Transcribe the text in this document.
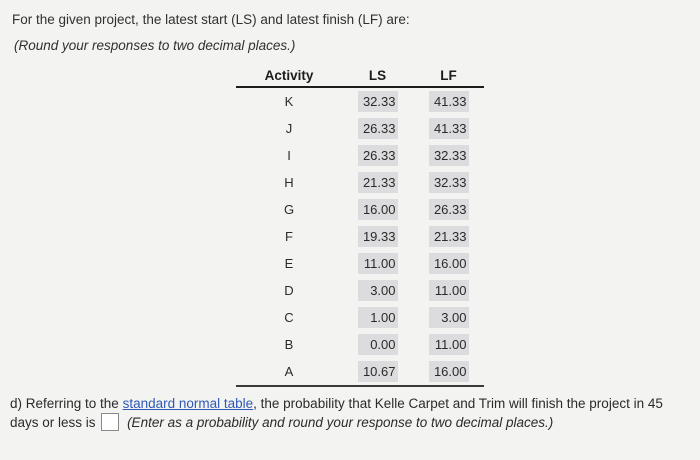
For the given project, the latest start (LS) and latest finish (LF) are:
(Round your responses to two decimal places.)
Activity	LS	LF
K	32.33	41.33
J	26.33	41.33
I	26.33	32.33
H	21.33	32.33
G	16.00	26.33
F	19.33	21.33
E	11.00	16.00
D	3.00	11.00
C	1.00	3.00
B	0.00	11.00
A	10.67	16.00
d) Referring to the standard normal table, the probability that Kelle Carpet and Trim will finish the project in 45 days or less is (Enter as a probability and round your response to two decimal places.)
